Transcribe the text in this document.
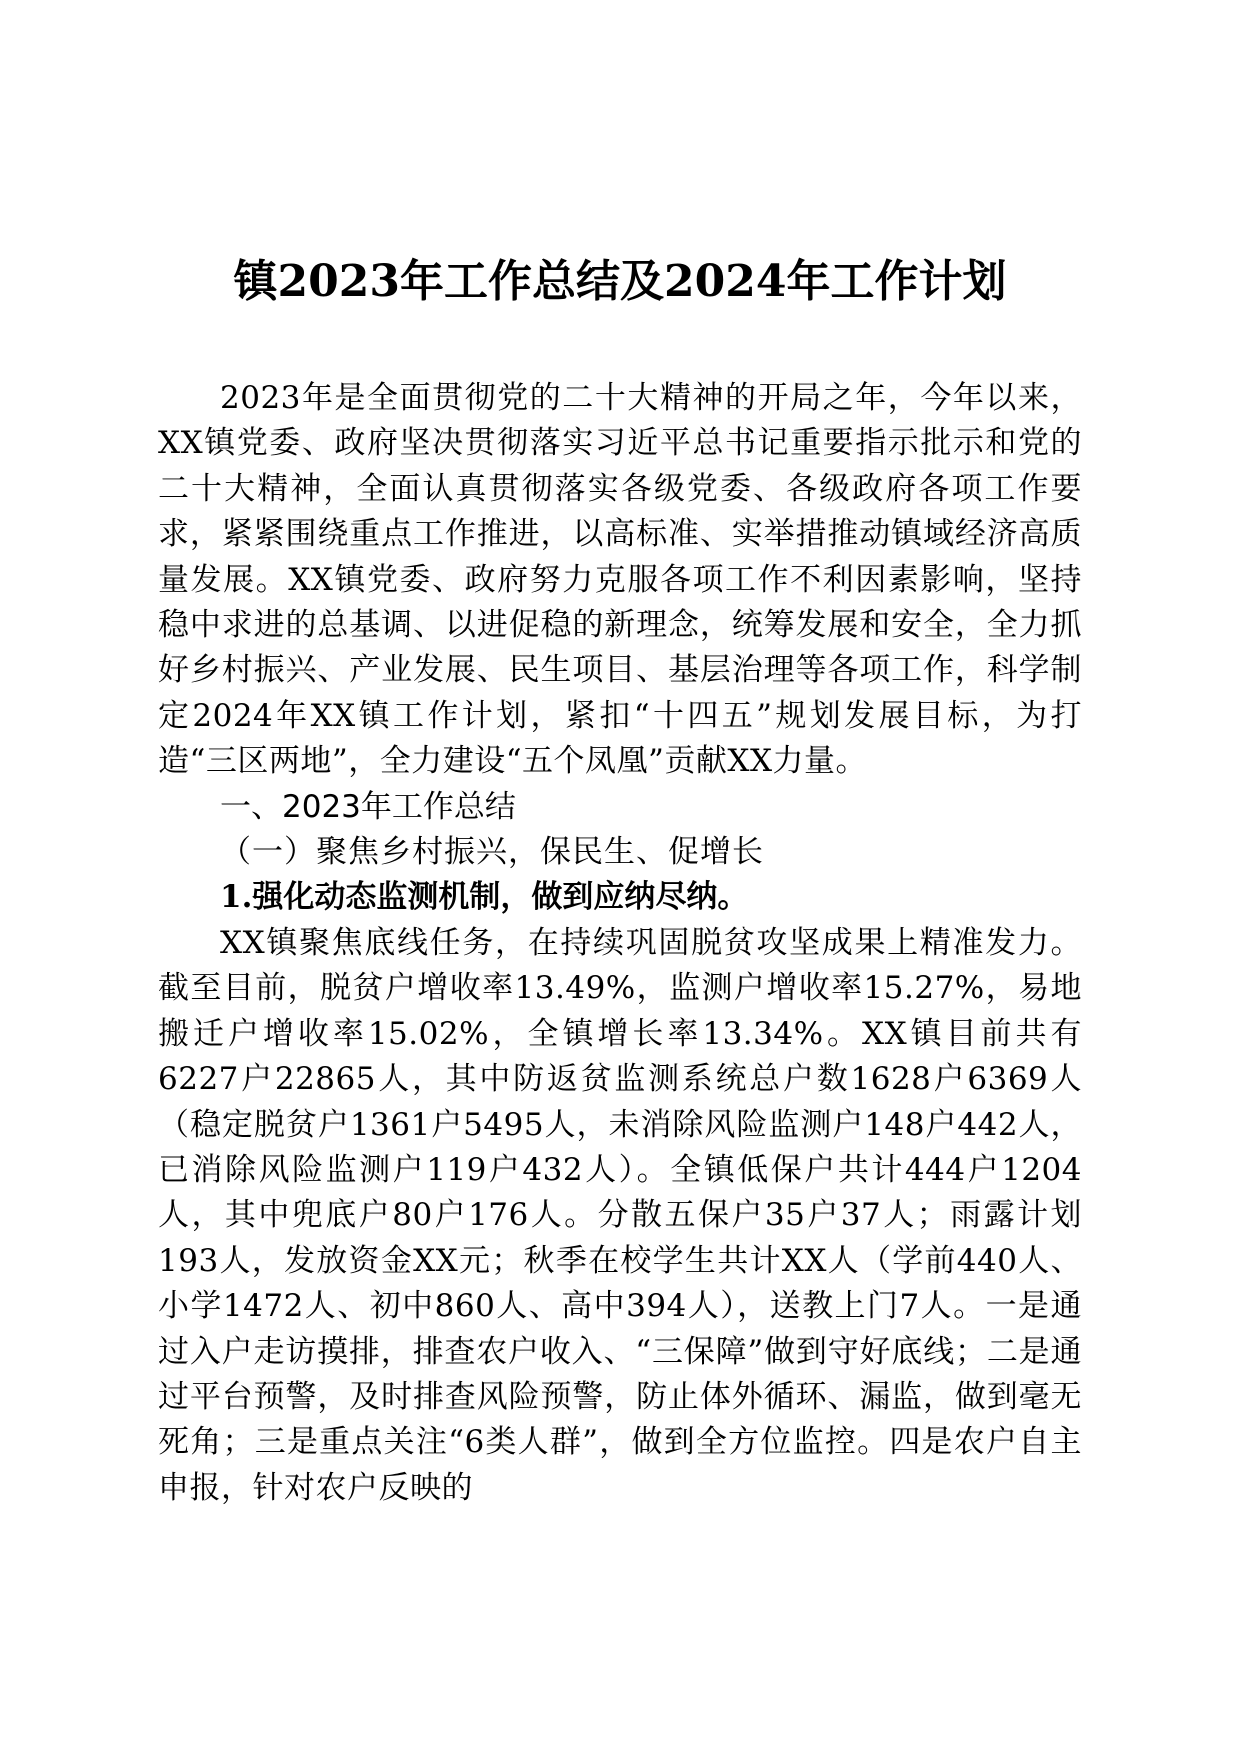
镇2023年工作总结及2024年工作计划

2023年是全面贯彻党的二十大精神的开局之年，今年以来，XX镇党委、政府坚决贯彻落实习近平总书记重要指示批示和党的二十大精神，全面认真贯彻落实各级党委、各级政府各项工作要求，紧紧围绕重点工作推进，以高标准、实举措推动镇域经济高质量发展。XX镇党委、政府努力克服各项工作不利因素影响，坚持稳中求进的总基调、以进促稳的新理念，统筹发展和安全，全力抓好乡村振兴、产业发展、民生项目、基层治理等各项工作，科学制定2024年XX镇工作计划，紧扣“十四五”规划发展目标，为打造“三区两地”，全力建设“五个凤凰”贡献XX力量。

一、2023年工作总结

（一）聚焦乡村振兴，保民生、促增长

1.强化动态监测机制，做到应纳尽纳。

XX镇聚焦底线任务，在持续巩固脱贫攻坚成果上精准发力。截至目前，脱贫户增收率13.49%，监测户增收率15.27%，易地搬迁户增收率15.02%，全镇增长率13.34%。XX镇目前共有6227户22865人，其中防返贫监测系统总户数1628户6369人（稳定脱贫户1361户5495人，未消除风险监测户148户442人，已消除风险监测户119户432人）。全镇低保户共计444户1204人，其中兜底户80户176人。分散五保户35户37人；雨露计划193人，发放资金XX元；秋季在校学生共计XX人（学前440人、小学1472人、初中860人、高中394人），送教上门7人。一是通过入户走访摸排，排查农户收入、“三保障”做到守好底线；二是通过平台预警，及时排查风险预警，防止体外循环、漏监，做到毫无死角；三是重点关注“6类人群”，做到全方位监控。四是农户自主申报，针对农户反映的
